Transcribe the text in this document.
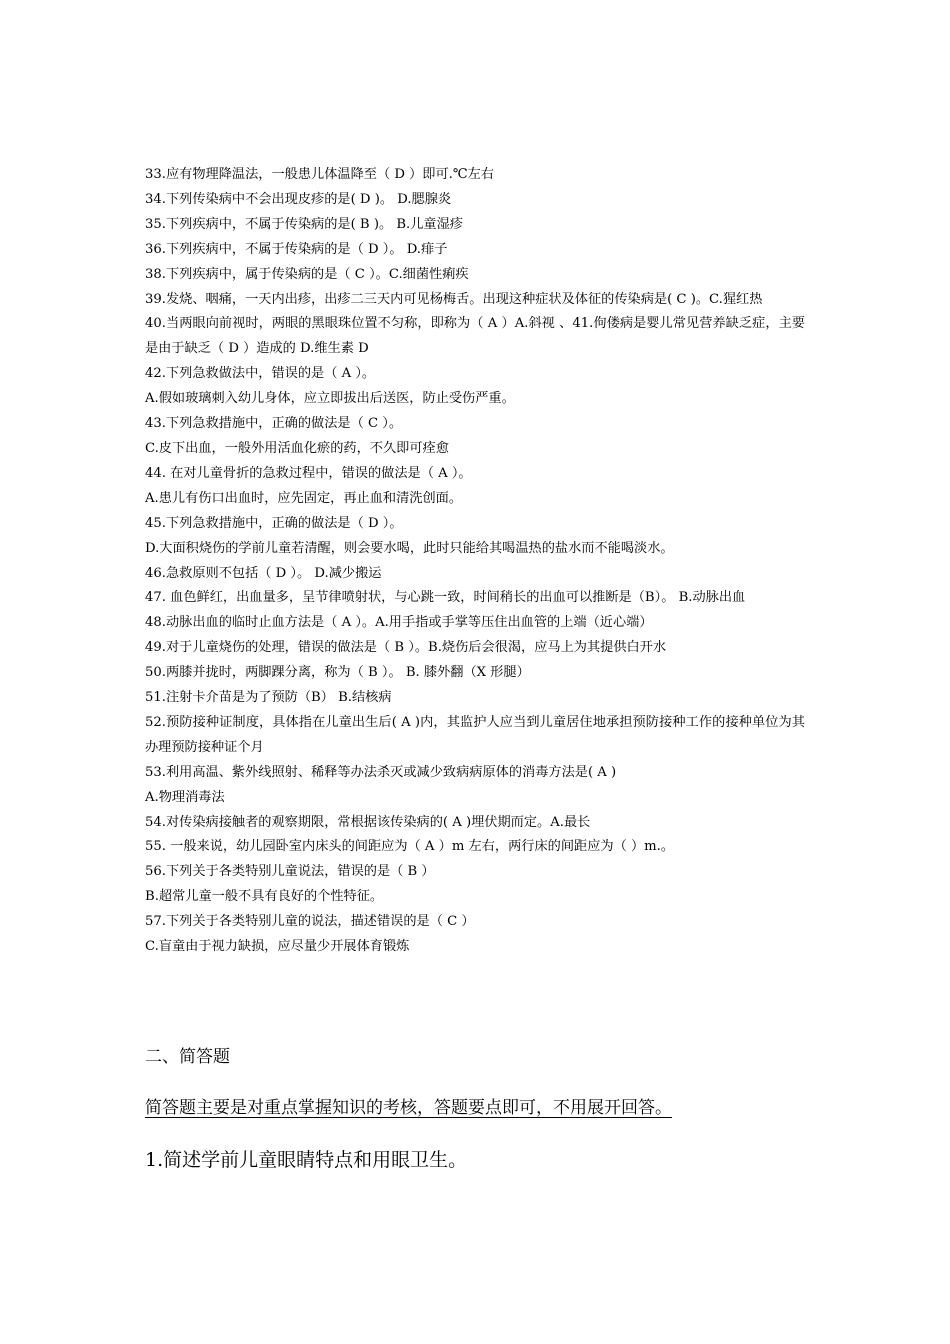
33.应有物理降温法，一般患儿体温降至（ D ）即可.℃左右
34.下列传染病中不会出现皮疹的是( D )。 D.腮腺炎
35.下列疾病中，不属于传染病的是( B )。 B.儿童湿疹
36.下列疾病中，不属于传染病的是（ D ）。 D.痱子
38.下列疾病中，属于传染病的是（ C ）。C.细菌性痢疾
39.发烧、咽痛，一天内出疹，出疹二三天内可见杨梅舌。出现这种症状及体征的传染病是( C )。C.猩红热
40.当两眼向前视时，两眼的黑眼珠位置不匀称，即称为（ A ）A.斜视 、41.佝偻病是婴儿常见营养缺乏症，主要是由于缺乏（ D ）造成的 D.维生素 D
42.下列急救做法中，错误的是（ A ）。
A.假如玻璃刺入幼儿身体，应立即拔出后送医，防止受伤严重。
43.下列急救措施中，正确的做法是（ C ）。
C.皮下出血，一般外用活血化瘀的药，不久即可痊愈
44. 在对儿童骨折的急救过程中，错误的做法是（ A ）。
A.患儿有伤口出血时，应先固定，再止血和清洗创面。
45.下列急救措施中，正确的做法是（ D ）。
D.大面积烧伤的学前儿童若清醒，则会要水喝，此时只能给其喝温热的盐水而不能喝淡水。
46.急救原则不包括（ D ）。 D.减少搬运
47. 血色鲜红，出血量多，呈节律喷射状，与心跳一致，时间稍长的出血可以推断是（B）。 B.动脉出血
48.动脉出血的临时止血方法是（ A ）。A.用手指或手掌等压住出血管的上端（近心端）
49.对于儿童烧伤的处理，错误的做法是（ B ）。B.烧伤后会很渴，应马上为其提供白开水
50.两膝并拢时，两脚踝分离，称为（ B ）。 B. 膝外翻（X 形腿）
51.注射卡介苗是为了预防（B） B.结核病
52.预防接种证制度，具体指在儿童出生后( A )内，其监护人应当到儿童居住地承担预防接种工作的接种单位为其办理预防接种证个月
53.利用高温、紫外线照射、稀释等办法杀灭或减少致病病原体的消毒方法是( A )
A.物理消毒法
54.对传染病接触者的观察期限，常根据该传染病的( A )埋伏期而定。A.最长
55. 一般来说，幼儿园卧室内床头的间距应为（ A ）m 左右，两行床的间距应为（ ）m.。
56.下列关于各类特别儿童说法，错误的是（ B ）
B.超常儿童一般不具有良好的个性特征。
57.下列关于各类特别儿童的说法，描述错误的是（ C ）
C.盲童由于视力缺损，应尽量少开展体育锻炼
二、简答题
简答题主要是对重点掌握知识的考核，答题要点即可，不用展开回答。
1.简述学前儿童眼睛特点和用眼卫生。
